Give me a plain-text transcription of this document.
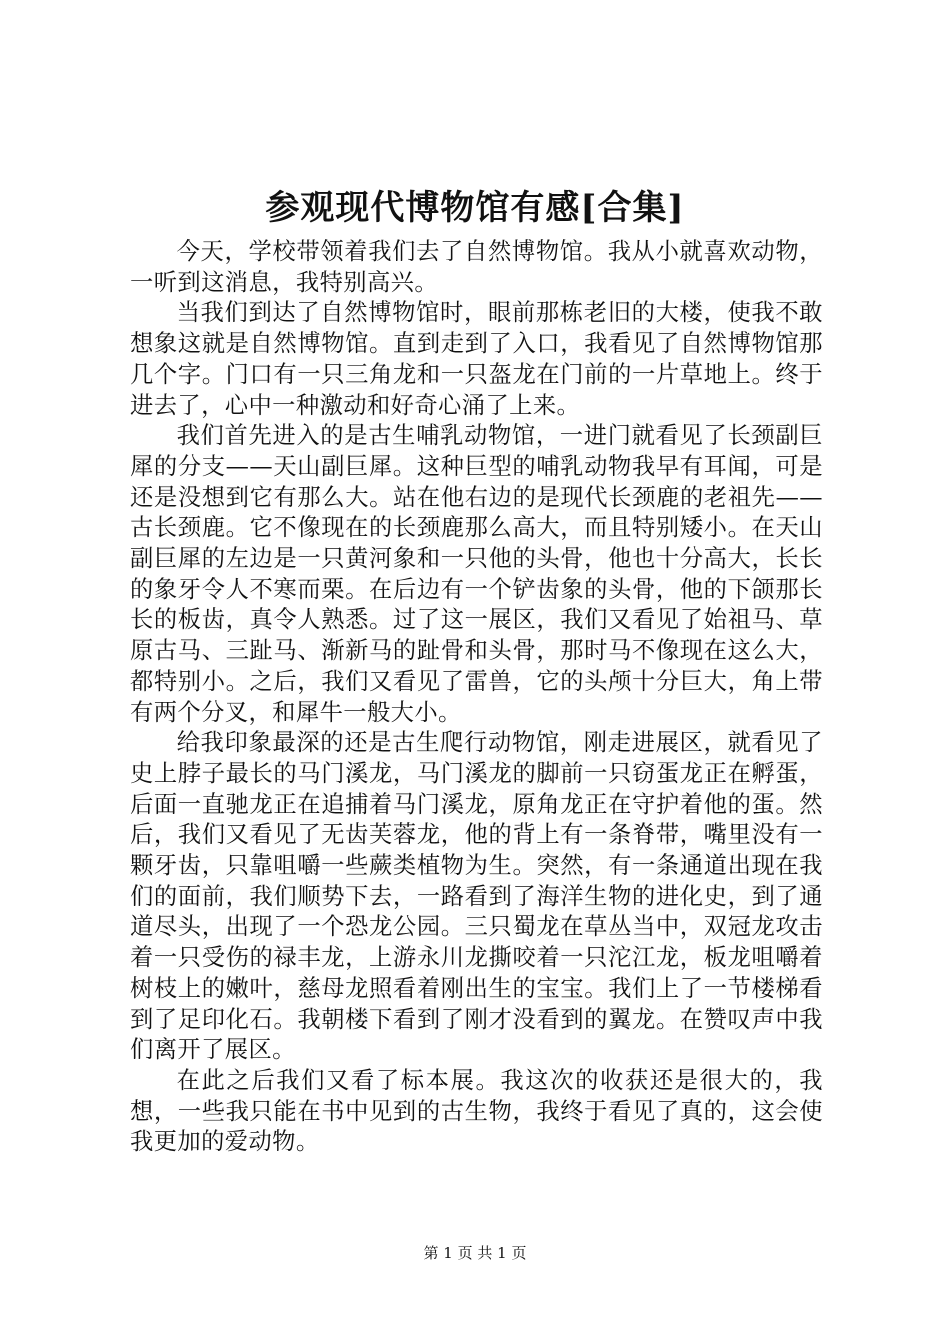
参观现代博物馆有感[合集]

今天，学校带领着我们去了自然博物馆。我从小就喜欢动物，一听到这消息，我特别高兴。

当我们到达了自然博物馆时，眼前那栋老旧的大楼，使我不敢想象这就是自然博物馆。直到走到了入口，我看见了自然博物馆那几个字。门口有一只三角龙和一只盔龙在门前的一片草地上。终于进去了，心中一种激动和好奇心涌了上来。

我们首先进入的是古生哺乳动物馆，一进门就看见了长颈副巨犀的分支——天山副巨犀。这种巨型的哺乳动物我早有耳闻，可是还是没想到它有那么大。站在他右边的是现代长颈鹿的老祖先——古长颈鹿。它不像现在的长颈鹿那么高大，而且特别矮小。在天山副巨犀的左边是一只黄河象和一只他的头骨，他也十分高大，长长的象牙令人不寒而栗。在后边有一个铲齿象的头骨，他的下颌那长长的板齿，真令人熟悉。过了这一展区，我们又看见了始祖马、草原古马、三趾马、渐新马的趾骨和头骨，那时马不像现在这么大，都特别小。之后，我们又看见了雷兽，它的头颅十分巨大，角上带有两个分叉，和犀牛一般大小。

给我印象最深的还是古生爬行动物馆，刚走进展区，就看见了史上脖子最长的马门溪龙，马门溪龙的脚前一只窃蛋龙正在孵蛋，后面一直驰龙正在追捕着马门溪龙，原角龙正在守护着他的蛋。然后，我们又看见了无齿芙蓉龙，他的背上有一条脊带，嘴里没有一颗牙齿，只靠咀嚼一些蕨类植物为生。突然，有一条通道出现在我们的面前，我们顺势下去，一路看到了海洋生物的进化史，到了通道尽头，出现了一个恐龙公园。三只蜀龙在草丛当中，双冠龙攻击着一只受伤的禄丰龙，上游永川龙撕咬着一只沱江龙，板龙咀嚼着树枝上的嫩叶，慈母龙照看着刚出生的宝宝。我们上了一节楼梯看到了足印化石。我朝楼下看到了刚才没看到的翼龙。在赞叹声中我们离开了展区。

在此之后我们又看了标本展。我这次的收获还是很大的，我想，一些我只能在书中见到的古生物，我终于看见了真的，这会使我更加的爱动物。

第 1 页 共 1 页
